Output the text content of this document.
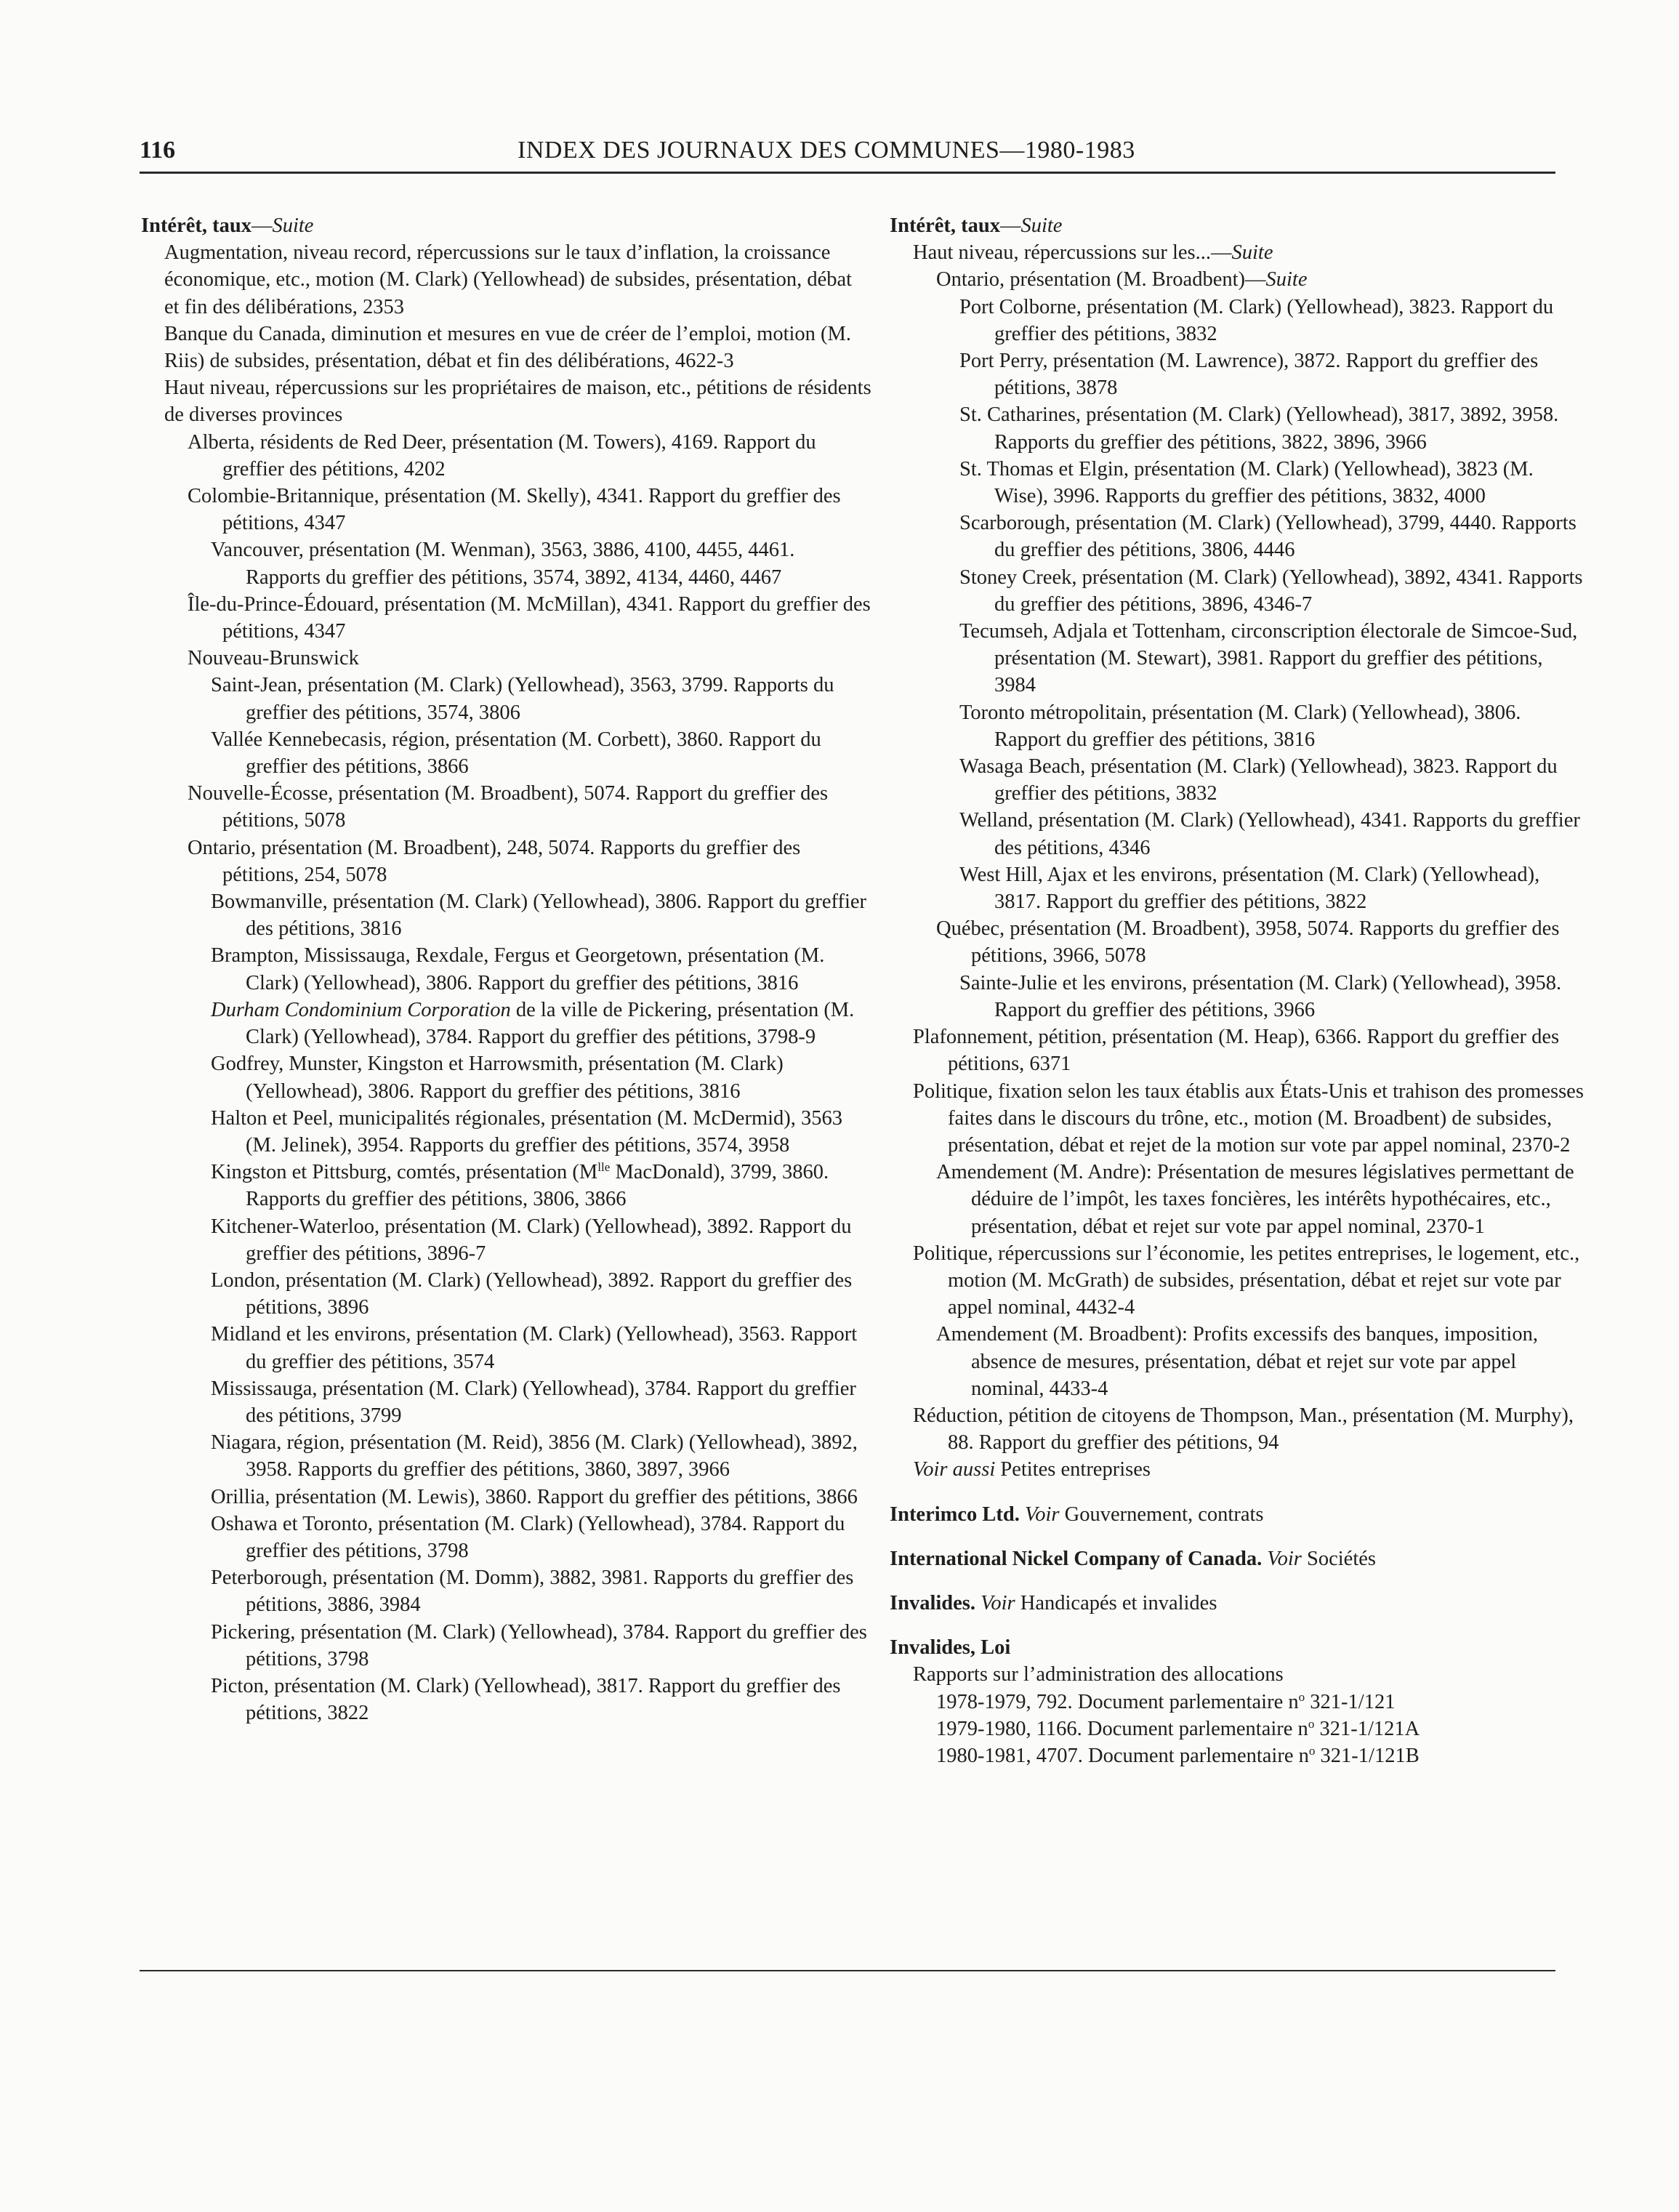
116	INDEX DES JOURNAUX DES COMMUNES—1980-1983
Intérêt, taux—Suite
Augmentation, niveau record, répercussions sur le taux d’inflation, la croissance économique, etc., motion (M. Clark) (Yellowhead) de subsides, présentation, débat et fin des délibérations, 2353
Banque du Canada, diminution et mesures en vue de créer de l’emploi, motion (M. Riis) de subsides, présentation, débat et fin des délibérations, 4622-3
Haut niveau, répercussions sur les propriétaires de maison, etc., pétitions de résidents de diverses provinces
Alberta, résidents de Red Deer, présentation (M. Towers), 4169. Rapport du greffier des pétitions, 4202
Colombie-Britannique, présentation (M. Skelly), 4341. Rapport du greffier des pétitions, 4347
Vancouver, présentation (M. Wenman), 3563, 3886, 4100, 4455, 4461. Rapports du greffier des pétitions, 3574, 3892, 4134, 4460, 4467
Île-du-Prince-Édouard, présentation (M. McMillan), 4341. Rapport du greffier des pétitions, 4347
Nouveau-Brunswick
Saint-Jean, présentation (M. Clark) (Yellowhead), 3563, 3799. Rapports du greffier des pétitions, 3574, 3806
Vallée Kennebecasis, région, présentation (M. Corbett), 3860. Rapport du greffier des pétitions, 3866
Nouvelle-Écosse, présentation (M. Broadbent), 5074. Rapport du greffier des pétitions, 5078
Ontario, présentation (M. Broadbent), 248, 5074. Rapports du greffier des pétitions, 254, 5078
Bowmanville, présentation (M. Clark) (Yellowhead), 3806. Rapport du greffier des pétitions, 3816
Brampton, Mississauga, Rexdale, Fergus et Georgetown, présentation (M. Clark) (Yellowhead), 3806. Rapport du greffier des pétitions, 3816
Durham Condominium Corporation de la ville de Pickering, présentation (M. Clark) (Yellowhead), 3784. Rapport du greffier des pétitions, 3798-9
Godfrey, Munster, Kingston et Harrowsmith, présentation (M. Clark) (Yellowhead), 3806. Rapport du greffier des pétitions, 3816
Halton et Peel, municipalités régionales, présentation (M. McDermid), 3563 (M. Jelinek), 3954. Rapports du greffier des pétitions, 3574, 3958
Kingston et Pittsburg, comtés, présentation ($M^{lle}$ MacDonald), 3799, 3860. Rapports du greffier des pétitions, 3806, 3866
Kitchener-Waterloo, présentation (M. Clark) (Yellowhead), 3892. Rapport du greffier des pétitions, 3896-7
London, présentation (M. Clark) (Yellowhead), 3892. Rapport du greffier des pétitions, 3896
Midland et les environs, présentation (M. Clark) (Yellowhead), 3563. Rapport du greffier des pétitions, 3574
Mississauga, présentation (M. Clark) (Yellowhead), 3784. Rapport du greffier des pétitions, 3799
Niagara, région, présentation (M. Reid), 3856 (M. Clark) (Yellowhead), 3892, 3958. Rapports du greffier des pétitions, 3860, 3897, 3966
Orillia, présentation (M. Lewis), 3860. Rapport du greffier des pétitions, 3866
Oshawa et Toronto, présentation (M. Clark) (Yellowhead), 3784. Rapport du greffier des pétitions, 3798
Peterborough, présentation (M. Domm), 3882, 3981. Rapports du greffier des pétitions, 3886, 3984
Pickering, présentation (M. Clark) (Yellowhead), 3784. Rapport du greffier des pétitions, 3798
Picton, présentation (M. Clark) (Yellowhead), 3817. Rapport du greffier des pétitions, 3822
Intérêt, taux—Suite
Haut niveau, répercussions sur les...—Suite
Ontario, présentation (M. Broadbent)—Suite
Port Colborne, présentation (M. Clark) (Yellowhead), 3823. Rapport du greffier des pétitions, 3832
Port Perry, présentation (M. Lawrence), 3872. Rapport du greffier des pétitions, 3878
St. Catharines, présentation (M. Clark) (Yellowhead), 3817, 3892, 3958. Rapports du greffier des pétitions, 3822, 3896, 3966
St. Thomas et Elgin, présentation (M. Clark) (Yellowhead), 3823 (M. Wise), 3996. Rapports du greffier des pétitions, 3832, 4000
Scarborough, présentation (M. Clark) (Yellowhead), 3799, 4440. Rapports du greffier des pétitions, 3806, 4446
Stoney Creek, présentation (M. Clark) (Yellowhead), 3892, 4341. Rapports du greffier des pétitions, 3896, 4346-7
Tecumseh, Adjala et Tottenham, circonscription électorale de Simcoe-Sud, présentation (M. Stewart), 3981. Rapport du greffier des pétitions, 3984
Toronto métropolitain, présentation (M. Clark) (Yellowhead), 3806. Rapport du greffier des pétitions, 3816
Wasaga Beach, présentation (M. Clark) (Yellowhead), 3823. Rapport du greffier des pétitions, 3832
Welland, présentation (M. Clark) (Yellowhead), 4341. Rapports du greffier des pétitions, 4346
West Hill, Ajax et les environs, présentation (M. Clark) (Yellowhead), 3817. Rapport du greffier des pétitions, 3822
Québec, présentation (M. Broadbent), 3958, 5074. Rapports du greffier des pétitions, 3966, 5078
Sainte-Julie et les environs, présentation (M. Clark) (Yellowhead), 3958. Rapport du greffier des pétitions, 3966
Plafonnement, pétition, présentation (M. Heap), 6366. Rapport du greffier des pétitions, 6371
Politique, fixation selon les taux établis aux États-Unis et trahison des promesses faites dans le discours du trône, etc., motion (M. Broadbent) de subsides, présentation, débat et rejet de la motion sur vote par appel nominal, 2370-2
Amendement (M. Andre): Présentation de mesures législatives permettant de déduire de l’impôt, les taxes foncières, les intérêts hypothécaires, etc., présentation, débat et rejet sur vote par appel nominal, 2370-1
Politique, répercussions sur l’économie, les petites entreprises, le logement, etc., motion (M. McGrath) de subsides, présentation, débat et rejet sur vote par appel nominal, 4432-4
Amendement (M. Broadbent): Profits excessifs des banques, imposition, absence de mesures, présentation, débat et rejet sur vote par appel nominal, 4433-4
Réduction, pétition de citoyens de Thompson, Man., présentation (M. Murphy), 88. Rapport du greffier des pétitions, 94
Voir aussi Petites entreprises
Interimco Ltd. Voir Gouvernement, contrats
International Nickel Company of Canada. Voir Sociétés
Invalides. Voir Handicapés et invalides
Invalides, Loi
Rapports sur l’administration des allocations
1978-1979, 792. Document parlementaire $n^o$ 321-1/121
1979-1980, 1166. Document parlementaire $n^o$ 321-1/121A
1980-1981, 4707. Document parlementaire $n^o$ 321-1/121B
